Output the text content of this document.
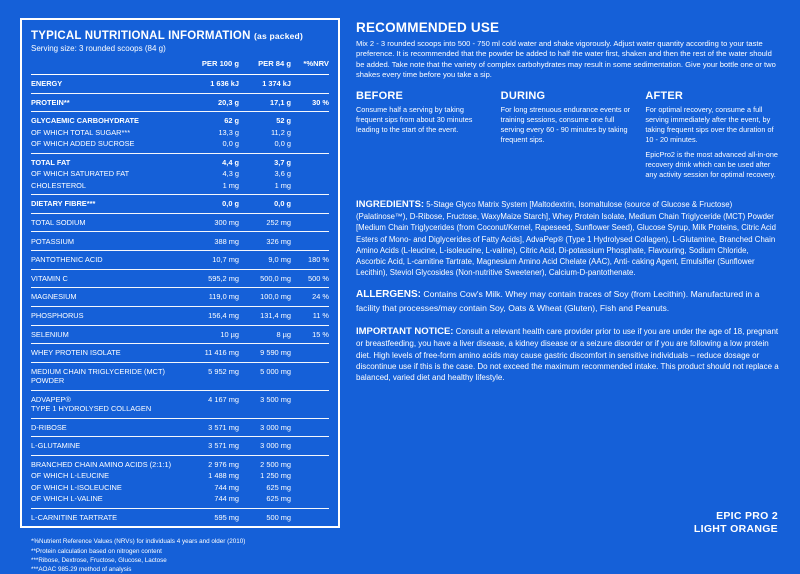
TYPICAL NUTRITIONAL INFORMATION (as packed)
Serving size: 3 rounded scoops (84 g)
	PER 100 g	PER 84 g	*%NRV

ENERGY	1 636 kJ	1 374 kJ	

PROTEIN**	20,3 g	17,1 g	30 %

GLYCAEMIC CARBOHYDRATE	62 g	52 g	
OF WHICH TOTAL SUGAR***	13,3 g	11,2 g	
OF WHICH ADDED SUCROSE	0,0 g	0,0 g	

TOTAL FAT	4,4 g	3,7 g	
OF WHICH SATURATED FAT	4,3 g	3,6 g	
CHOLESTEROL	1 mg	1 mg	

DIETARY FIBRE***	0,0 g	0,0 g	

TOTAL SODIUM	300 mg	252 mg	

POTASSIUM	388 mg	326 mg	

PANTOTHENIC ACID	10,7 mg	9,0 mg	180 %

VITAMIN C	595,2 mg	500,0 mg	500 %

MAGNESIUM	119,0 mg	100,0 mg	24 %

PHOSPHORUS	156,4 mg	131,4 mg	11 %

SELENIUM	10 µg	8 µg	15 %

WHEY PROTEIN ISOLATE	11 416 mg	9 590 mg	

MEDIUM CHAIN TRIGLYCERIDE (MCT) POWDER	5 952 mg	5 000 mg	

ADVAPEP®
TYPE 1 HYDROLYSED COLLAGEN	4 167 mg	3 500 mg	

D-RIBOSE	3 571 mg	3 000 mg	

L-GLUTAMINE	3 571 mg	3 000 mg	

BRANCHED CHAIN AMINO ACIDS (2:1:1)	2 976 mg	2 500 mg	
OF WHICH L-LEUCINE	1 488 mg	1 250 mg	
OF WHICH L-ISOLEUCINE	744 mg	625 mg	
OF WHICH L-VALINE	744 mg	625 mg	

L-CARNITINE TARTRATE	595 mg	500 mg	

*%Nutrient Reference Values (NRVs) for individuals 4 years and older (2010)
**Protein calculation based on nitrogen content
***Ribose, Dextrose, Fructose, Glucose, Lactose
***AOAC 985.29 method of analysis
RECOMMENDED USE
Mix 2 - 3 rounded scoops into 500 - 750 ml cold water and shake vigorously. Adjust water quantity according to your taste preference. It is recommended that the powder be added to half the water first, shaken and then the rest of the water should be added. Take note that the variety of complex carbohydrates may result in some sedimentation. Give your bottle one or two shakes every time before you take a sip.
BEFORE

Consume half a serving by taking frequent sips from about 30 minutes leading to the start of the event.

DURING

For long strenuous endurance events or training sessions, consume one full serving every 60 - 90 minutes by taking frequent sips.

AFTER

For optimal recovery, consume a full serving immediately after the event, by taking frequent sips over the duration of 10 - 20 minutes.

EpicPro2 is the most advanced all-in-one recovery drink which can be used after any activity session for optimal recovery.

INGREDIENTS: 5-Stage Glyco Matrix System [Maltodextrin, Isomaltulose (source of Glucose & Fructose) (Palatinose™), D-Ribose, Fructose, WaxyMaize Starch], Whey Protein Isolate, Medium Chain Triglyceride (MCT) Powder [Medium Chain Triglycerides (from Coconut/Kernel, Rapeseed, Sunflower Seed), Glucose Syrup, Milk Proteins, Citric Acid Esters of Mono- and Diglycerides of Fatty Acids], AdvaPep® (Type 1 Hydrolysed Collagen), L-Glutamine, Branched Chain Amino Acids (L-leucine, L-isoleucine, L-valine), Citric Acid, Di-potassium Phosphate, Flavouring, Sodium Chloride, Ascorbic Acid, L-carnitine Tartrate, Magnesium Amino Acid Chelate (AAC), Anti- caking Agent, Emulsifier (Sunflower Lecithin), Steviol Glycosides (Non-nutritive Sweetener), Calcium-D-pantothenate.
ALLERGENS: Contains Cow's Milk. Whey may contain traces of Soy (from Lecithin). Manufactured in a facility that processes/may contain Soy, Oats & Wheat (Gluten), Fish and Peanuts.
IMPORTANT NOTICE: Consult a relevant health care provider prior to use if you are under the age of 18, pregnant or breastfeeding, you have a liver disease, a kidney disease or a seizure disorder or if you are following a low protein diet. High levels of free-form amino acids may cause gastric discomfort in sensitive individuals – reduce dosage or discontinue use if this is the case. Do not exceed the maximum recommended intake. This product should not replace a balanced, varied diet and healthy lifestyle.
EPIC PRO 2
LIGHT ORANGE
